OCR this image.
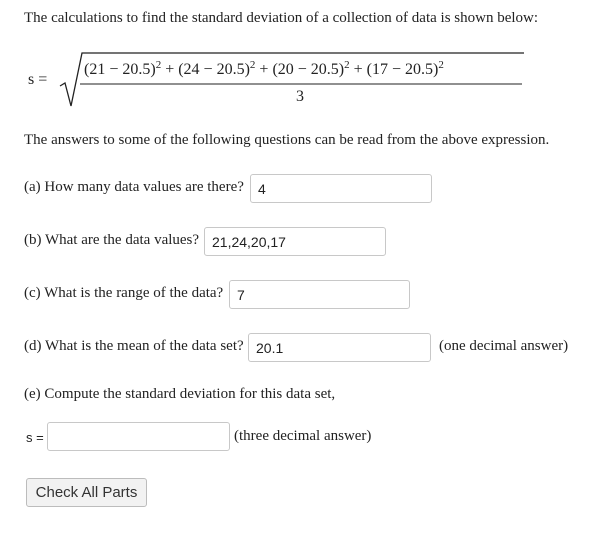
The calculations to find the standard deviation of a collection of data is shown below:
s =
$(21 - 20.5)^2 + (24 - 20.5)^2 + (20 - 20.5)^2 + (17 - 20.5)^2$
3
The answers to some of the following questions can be read from the above expression.
(a) How many data values are there?
4
(b) What are the data values?
21,24,20,17
(c) What is the range of the data?
7
(d) What is the mean of the data set?
20.1	(one decimal answer)
(e) Compute the standard deviation for this data set,
s =	(three decimal answer)
Check All Parts
